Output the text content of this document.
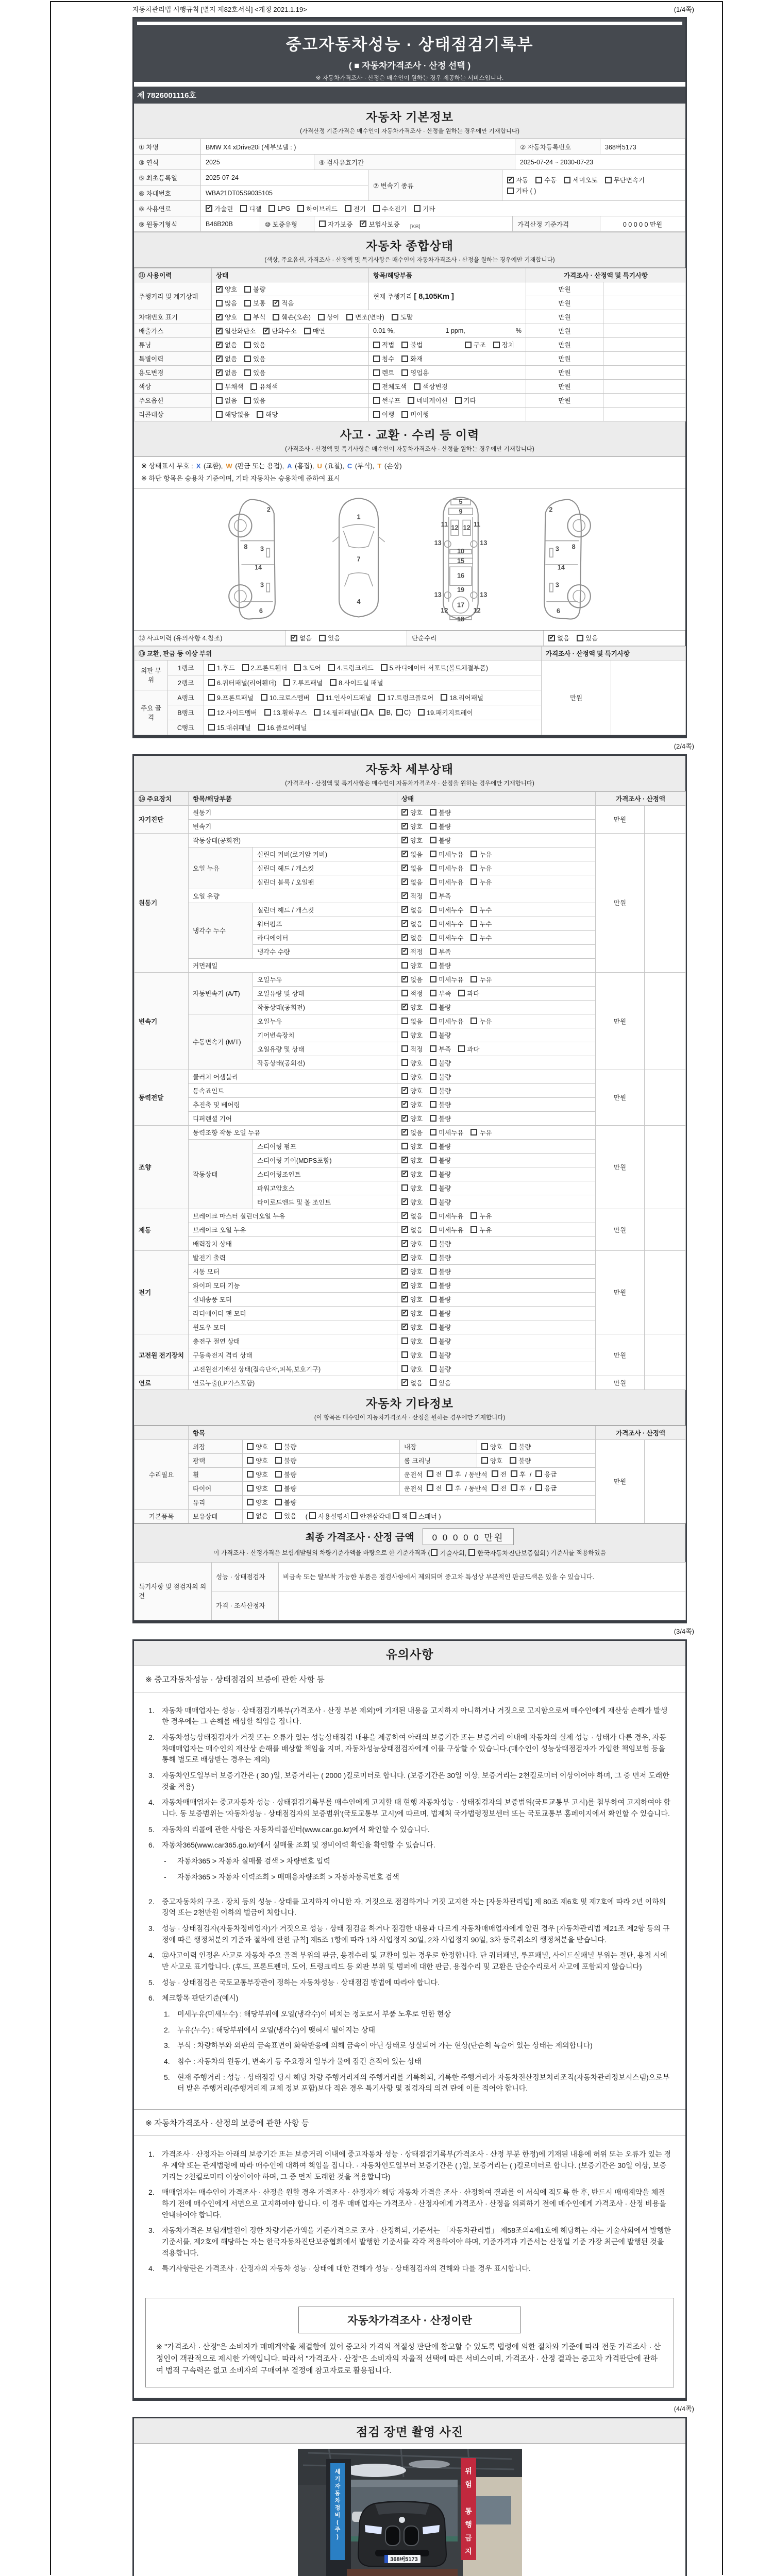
자동차관리법 시행규칙 [별지 제82호서식] <개정 2021.1.19>	(1/4쪽)
중고자동차성능 · 상태점검기록부
( ■ 자동차가격조사 · 산정 선택 )
※ 자동차가격조사 · 산정은 매수인이 원하는 경우 제공하는 서비스입니다.
제 7826001116호
자동차 기본정보
(가격산정 기준가격은 매수인이 자동차가격조사 · 산정을 원하는 경우에만 기재합니다)
① 차명	BMW X4 xDrive20i (세부모델 : )	② 자동차등록번호	368버5173
③ 연식	2025	④ 검사유효기간	2025-07-24 ~ 2030-07-23
⑤ 최초등록일	2025-07-24
⑥ 차대번호	WBA21DT05S9035105
⑦ 변속기 종류
✔ 자동 수동 세미오토 무단변속기
기타 ( )
⑧ 사용연료	✔ 가솔린 디젤 LPG 하이브리드 전기 수소전기 기타
⑨ 원동기형식	B46B20B	⑩ 보증유형	자가보증 ✔ 보험사보증 [KB]	가격산정 기준가격	0 0 0 0 0 만원
자동차 종합상태
(색상, 주요옵션, 가격조사 · 산정액 및 특기사항은 매수인이 자동차가격조사 · 산정을 원하는 경우에만 기재합니다)
⑪ 사용이력	상태	항목/해당부품	가격조사 · 산정액 및 특기사항	
주행거리 및 계기상태	✔ 양호 불량	현재 주행거리 [ 8,105Km ]	만원	

	많음 보통 ✔ 적음		만원	
차대번호 표기	✔ 양호 부식 훼손(오손) 상이 변조(변타) 도말	만원	
배출가스	✔ 일산화탄소 ✔ 탄화수소 매연	0.01 %, 1 ppm, %	만원	
튜닝	✔ 없음 있음	적법 불법 구조 장치	만원	
특별이력	✔ 없음 있음	침수 화재	만원	
용도변경	✔ 없음 있음	렌트 영업용	만원	
색상	무채색 유채색	전체도색 색상변경	만원	
주요옵션	없음 있음	썬루프 네비게이션 기타	만원	
리콜대상	해당없음 해당	이행 미이행		

사고 · 교환 · 수리 등 이력
(가격조사 · 산정액 및 특기사항은 매수인이 자동차가격조사 · 산정을 원하는 경우에만 기재합니다)
※ 상태표시 부호 : X (교환), W (판금 또는 용접), A (흠집), U (요철), C (부식), T (손상)
※ 하단 항목은 승용차 기준이며, 기타 자동차는 승용차에 준하여 표시
2
8 3
14
3
6
1
7
4
5
9
11	11
13	13
12 12
10
15
16
19
13	13
12	12
17
18
2
3 8
14
3
6
⑫ 사고이력 (유의사항 4.참조)	✔ 없음 있음	단순수리	✔ 없음 있음
⑬ 교환, 판금 등 이상 부위			가격조사 · 산정액 및 특기사항	
외판 부위	1랭크	1.후드 2.프론트휀더 3.도어 4.트렁크리드 5.라디에이터 서포트(볼트체결부품)	만원	
	2랭크	6.쿼터패널(리어휀더) 7.루프패널 8.사이드실 패널		

주요 골격	A랭크	9.프론트패널 10.크로스멤버 11.인사이드패널 17.트렁크플로어 18.리어패널		

	B랭크	12.사이드멤버 13.휠하우스 14.필러패널 ( A, B, C) 19.패키지트레이		

	C랭크	15.대쉬패널 16.플로어패널		
(2/4쪽)
자동차 세부상태
(가격조사 · 산정액 및 특기사항은 매수인이 자동차가격조사 · 산정을 원하는 경우에만 기재합니다)
⑭ 주요장치	항목/해당부품		상태	가격조사 · 산정액	
자기진단	원동기		✔ 양호 불량	만원	
	변속기		✔ 양호 불량		

원동기	작동상태(공회전)		✔ 양호 불량	만원	
	오일 누유	실린더 커버(로커암 커버)	✔ 없음 미세누유 누유		

		실린더 헤드 / 개스킷	✔ 없음 미세누유 누유		

		실린더 블록 / 오일팬	✔ 없음 미세누유 누유		

	오일 유량		✔ 적정 부족		

	냉각수 누수	실린더 헤드 / 개스킷	✔ 없음 미세누수 누수		

		워터펌프	✔ 없음 미세누수 누수		

		라디에이터	✔ 없음 미세누수 누수		

		냉각수 수량	✔ 적정 부족		

	커먼레일		양호 불량		

변속기	자동변속기 (A/T)	오일누유	✔ 없음 미세누유 누유	만원	
		오일유량 및 상태	적정 부족 과다		

		작동상태(공회전)	✔ 양호 불량		

	수동변속기 (M/T)	오일누유	없음 미세누유 누유		

		기어변속장치	양호 불량		

		오일유량 및 상태	적정 부족 과다		

		작동상태(공회전)	양호 불량		

동력전달	클러치 어셈블리		양호 불량	만원	
	등속죠인트		✔ 양호 불량		

	추진축 및 베어링		✔ 양호 불량		

	디퍼렌셜 기어		✔ 양호 불량		

조향	동력조향 작동 오일 누유		✔ 없음 미세누유 누유	만원	
	작동상태	스티어링 펌프	양호 불량		

		스티어링 기어(MDPS포함)	✔ 양호 불량		

		스티어링조인트	✔ 양호 불량		

		파워고압호스	양호 불량		

		타이로드엔드 및 볼 조인트	✔ 양호 불량		

제동	브레이크 마스터 실린더오일 누유		✔ 없음 미세누유 누유	만원	
	브레이크 오일 누유		✔ 없음 미세누유 누유		

	배력장치 상태		✔ 양호 불량		

전기	발전기 출력		✔ 양호 불량	만원	
	시동 모터		✔ 양호 불량		

	와이퍼 모터 기능		✔ 양호 불량		

	실내송풍 모터		✔ 양호 불량		

	라디에이터 팬 모터		✔ 양호 불량		

	윈도우 모터		✔ 양호 불량		

고전원 전기장치	충전구 절연 상태		양호 불량	만원	
	구동축전지 격리 상태		양호 불량		

	고전원전기배선 상태(접속단자,피복,보호기구)		양호 불량		

연료	연료누출(LP가스포함)		✔ 없음 있음	만원	
자동차 기타정보
(이 항목은 매수인이 자동차가격조사 · 산정을 원하는 경우에만 기재합니다)
	항목				가격조사 · 산정액	
수리필요	외장	양호 불량	내장	양호 불량	만원	
	광택	양호 불량	룸 크리닝	양호 불량		

휠	양호 불량	운전석 전 후 / 동반석 전 후 / 응급

타이어	양호 불량	운전석 전 후 / 동반석 전 후 / 응급

	유리	양호 불량				

기본품목	보유상태	없음 있음 ( 사용설명서 안전삼각대 잭 스패너 )				
최종 가격조사 · 산정 금액 0 0 0 0 0 만원
이 가격조사 · 산정가격은 보험개발원의 차량기준가액을 바탕으로 한 기준가격과 ( 기술사회, 한국자동차진단보증협회 ) 기준서를 적용하였음
특기사항 및 점검자의 의견	성능 · 상태점검자	비금속 또는 탈부착 가능한 부품은 점검사항에서 제외되며 중고차 특성상 부분적인 판금도색은 있을 수 있습니다.
	가격 · 조사산정자	
(3/4쪽)
유의사항
※ 중고자동차성능 · 상태점검의 보증에 관한 사항 등
1.	자동차 매매업자는 성능 · 상태점검기록부(가격조사 · 산정 부분 제외)에 기재된 내용을 고지하지 아니하거나 거짓으로 고지함으로써 매수인에게 재산상 손해가 발생한 경우에는 그 손해를 배상할 책임을 집니다.
2.	자동차성능상태점검자가 거짓 또는 오류가 있는 성능상태점검 내용을 제공하여 아래의 보증기간 또는 보증거리 이내에 자동차의 실제 성능 · 상태가 다른 경우, 자동차매매업자는 매수인의 재산상 손해를 배상할 책임을 지며, 자동차성능상태점검자에게 이를 구상할 수 있습니다.(매수인이 성능상태점검자가 가입한 책임보험 등을 통해 별도로 배상받는 경우는 제외)
3.	자동차인도일부터 보증기간은 ( 30 )일, 보증거리는 ( 2000 )킬로미터로 합니다. (보증기간은 30일 이상, 보증거리는 2천킬로미터 이상이어야 하며, 그 중 먼저 도래한 것을 적용)
4.	자동차매매업자는 중고자동차 성능 · 상태점검기록부를 매수인에게 고지할 때 현행 자동차성능 · 상태점검자의 보증범위(국토교통부 고시)를 첨부하여 고지하여야 합니다. 동 보증범위는 '자동차성능 · 상태점검자의 보증범위'(국토교통부 고시)에 따르며, 법제처 국가법령정보센터 또는 국토교통부 홈페이지에서 확인할 수 있습니다.
5.	자동차의 리콜에 관한 사항은 자동차리콜센터(www.car.go.kr)에서 확인할 수 있습니다.
6.	자동차365(www.car365.go.kr)에서 실매물 조회 및 정비이력 확인을 확인할 수 있습니다.
-	자동차365 > 자동차 실매물 검색 > 차량번호 입력
-	자동차365 > 자동차 이력조회 > 매매용차량조회 > 자동차등록번호 검색
2.	중고자동차의 구조 · 장치 등의 성능 · 상태를 고지하지 아니한 자, 거짓으로 점검하거나 거짓 고지한 자는 [자동차관리법] 제 80조 제6호 및 제7호에 따라 2년 이하의 징역 또는 2천만원 이하의 벌금에 처합니다.
3.	성능 · 상태점검자(자동차정비업자)가 거짓으로 성능 · 상태 점검을 하거나 점검한 내용과 다르게 자동차매매업자에게 알린 경우 [자동차관리법 제21조 제2항 등의 규정에 따른 행정처분의 기준과 절차에 관한 규칙] 제5조 1항에 따라 1차 사업정지 30일, 2차 사업정지 90일, 3차 등록취소의 행정처분을 받습니다.
4.	⑫사고이력 인정은 사고로 자동차 주요 골격 부위의 판금, 용접수리 및 교환이 있는 경우로 한정합니다. 단 쿼터패널, 루프패널, 사이드실패널 부위는 절단, 용접 시에만 사고로 표기합니다. (후드, 프론트펜더, 도어, 트렁크리드 등 외판 부위 및 범퍼에 대한 판금, 용접수리 및 교환은 단순수리로서 사고에 포함되지 않습니다)
5.	성능 · 상태점검은 국토교통부장관이 정하는 자동차성능 · 상태점검 방법에 따라야 합니다.
6.	체크항목 판단기준(예시)
1.	미세누유(미세누수) : 해당부위에 오일(냉각수)이 비치는 정도로서 부품 노후로 인한 현상
2.	누유(누수) : 해당부위에서 오일(냉각수)이 맺혀서 떨어지는 상태
3.	부식 : 차량하부와 외판의 금속표면이 화학반응에 의해 금속이 아닌 상태로 상실되어 가는 현상(단순히 녹슬어 있는 상태는 제외합니다)
4.	침수 : 자동차의 원동기, 변속기 등 주요장치 일부가 물에 잠긴 흔적이 있는 상태
5.	현재 주행거리 : 성능 · 상태점검 당시 해당 차량 주행거리계의 주행거리를 기록하되, 기록한 주행거리가 자동차전산정보처리조직(자동차관리정보시스템)으로부터 받은 주행거리(주행거리계 교체 정보 포함)보다 적은 경우 특기사항 및 점검자의 의견 란에 이를 적어야 합니다.
※ 자동차가격조사 · 산정의 보증에 관한 사항 등
1.	가격조사 · 산정자는 아래의 보증기간 또는 보증거리 이내에 중고자동차 성능 · 상태점검기록부(가격조사 · 산정 부분 한정)에 기재된 내용에 허위 또는 오류가 있는 경우 계약 또는 관계법령에 따라 매수인에 대하여 책임을 집니다. · 자동차인도일부터 보증기간은 ( )일, 보증거리는 ( )킬로미터로 합니다. (보증기간은 30일 이상, 보증거리는 2천킬로미터 이상이어야 하며, 그 중 먼저 도래한 것을 적용합니다)
2.	매매업자는 매수인이 가격조사 · 산정을 원할 경우 가격조사 · 산정자가 해당 자동차 가격을 조사 · 산정하여 결과를 이 서식에 적도록 한 후, 반드시 매매계약을 체결하기 전에 매수인에게 서면으로 고지하여야 합니다. 이 경우 매매업자는 가격조사 · 산정자에게 가격조사 · 산정을 의뢰하기 전에 매수인에게 가격조사 · 산정 비용을 안내하여야 합니다.
3.	자동차가격은 보험개발원이 정한 차량기준가액을 기준가격으로 조사 · 산정하되, 기준서는 「자동차관리법」 제58조의4제1호에 해당하는 자는 기술사회에서 발행한 기준서를, 제2호에 해당하는 자는 한국자동차진단보증협회에서 발행한 기준서를 각각 적용하여야 하며, 기준가격과 기준서는 산정일 기준 가장 최근에 발행된 것을 적용합니다.
4.	특기사항란은 가격조사 · 산정자의 자동차 성능 · 상태에 대한 견해가 성능 · 상태점검자의 견해와 다를 경우 표시합니다.
자동차가격조사 · 산정이란
※ "가격조사 · 산정"은 소비자가 매매계약을 체결함에 있어 중고차 가격의 적절성 판단에 참고할 수 있도록 법령에 의한 절차와 기준에 따라 전문 가격조사 · 산정인이 객관적으로 제시한 가액입니다. 따라서 "가격조사 · 산정"은 소비자의 자율적 선택에 따른 서비스이며, 가격조사 · 산정 결과는 중고차 가격판단에 관하여 법적 구속력은 없고 소비자의 구매여부 결정에 참고자료로 활용됩니다.
(4/4쪽)
점검 장면 촬영 사진
세 기 자 동 차 정 비 ( 주 )
위 험 통 행 금 지
368버5173
